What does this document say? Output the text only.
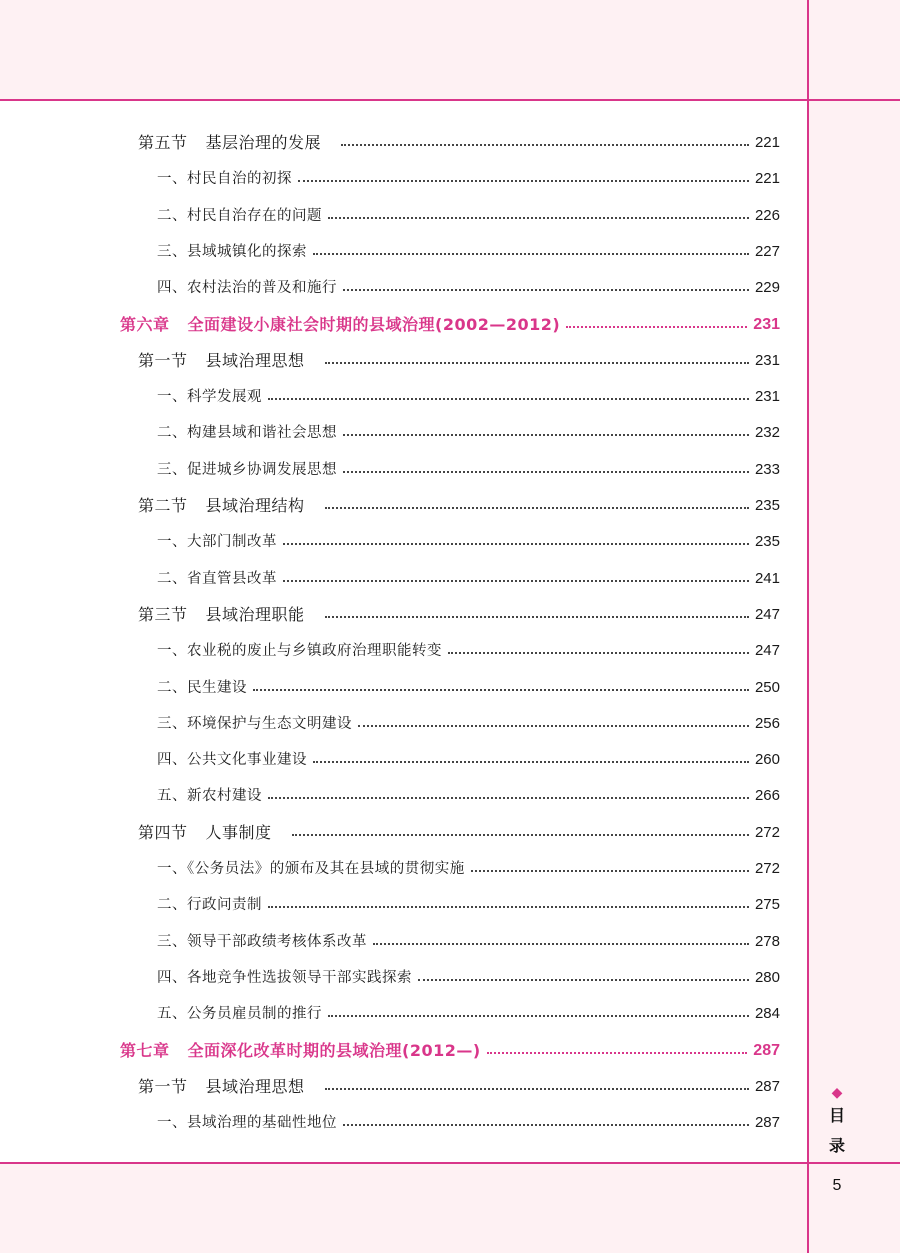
第五节 基层治理的发展	221
一、村民自治的初探	221
二、村民自治存在的问题	226
三、县域城镇化的探索	227
四、农村法治的普及和施行	229
第六章 全面建设小康社会时期的县域治理(2002—2012)	231
第一节 县域治理思想	231
一、科学发展观	231
二、构建县域和谐社会思想	232
三、促进城乡协调发展思想	233
第二节 县域治理结构	235
一、大部门制改革	235
二、省直管县改革	241
第三节 县域治理职能	247
一、农业税的废止与乡镇政府治理职能转变	247
二、民生建设	250
三、环境保护与生态文明建设	256
四、公共文化事业建设	260
五、新农村建设	266
第四节 人事制度	272
一、《公务员法》的颁布及其在县域的贯彻实施	272
二、行政问责制	275
三、领导干部政绩考核体系改革	278
四、各地竞争性选拔领导干部实践探索	280
五、公务员雇员制的推行	284
第七章 全面深化改革时期的县域治理(2012—)	287
第一节 县域治理思想	287
一、县域治理的基础性地位	287
◆
目
录
5
